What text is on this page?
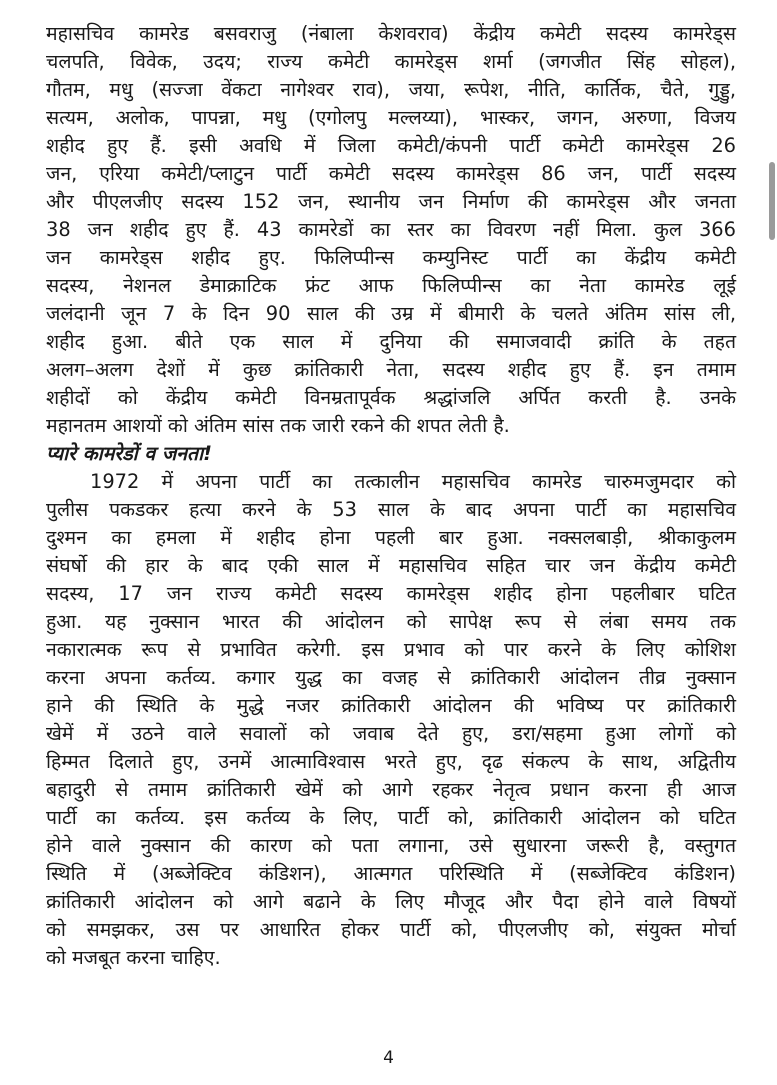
महासचिव कामरेड बसवराजु (नंबाला केशवराव) केंद्रीय कमेटी सदस्य कामरेड्स
चलपति, विवेक, उदय; राज्य कमेटी कामरेड्स शर्मा (जगजीत सिंह सोहल),
गौतम, मधु (सज्जा वेंकटा नागेश्वर राव), जया, रूपेश, नीति, कार्तिक, चैते, गुड्डु,
सत्यम, अलोक, पापन्ना, मधु (एगोलपु मल्लय्या), भास्कर, जगन, अरुणा, विजय
शहीद हुए हैं. इसी अवधि में जिला कमेटी/कंपनी पार्टी कमेटी कामरेड्स 26
जन, एरिया कमेटी/प्लाटुन पार्टी कमेटी सदस्य कामरेड्स 86 जन, पार्टी सदस्य
और पीएलजीए सदस्य 152 जन, स्थानीय जन निर्माण की कामरेड्स और जनता
38 जन शहीद हुए हैं. 43 कामरेडों का स्तर का विवरण नहीं मिला. कुल 366
जन कामरेड्स शहीद हुए. फिलिप्पीन्स कम्युनिस्ट पार्टी का केंद्रीय कमेटी
सदस्य, नेशनल डेमाक्राटिक फ्रंट आफ फिलिप्पीन्स का नेता कामरेड लूई
जलंदानी जून 7 के दिन 90 साल की उम्र में बीमारी के चलते अंतिम सांस ली,
शहीद हुआ. बीते एक साल में दुनिया की समाजवादी क्रांति के तहत
अलग–अलग देशों में कुछ क्रांतिकारी नेता, सदस्य शहीद हुए हैं. इन तमाम
शहीदों को केंद्रीय कमेटी विनम्रतापूर्वक श्रद्धांजलि अर्पित करती है. उनके
महानतम आशयों को अंतिम सांस तक जारी रकने की शपत लेती है.
प्यारे कामरेडों व जनता!
1972 में अपना पार्टी का तत्कालीन महासचिव कामरेड चारुमजुमदार को
पुलीस पकडकर हत्या करने के 53 साल के बाद अपना पार्टी का महासचिव
दुश्मन का हमला में शहीद होना पहली बार हुआ. नक्सलबाड़ी, श्रीकाकुलम
संघर्षो की हार के बाद एकी साल में महासचिव सहित चार जन केंद्रीय कमेटी
सदस्य, 17 जन राज्य कमेटी सदस्य कामरेड्स शहीद होना पहलीबार घटित
हुआ. यह नुक्सान भारत की आंदोलन को सापेक्ष रूप से लंबा समय तक
नकारात्मक रूप से प्रभावित करेगी. इस प्रभाव को पार करने के लिए कोशिश
करना अपना कर्तव्य. कगार युद्ध का वजह से क्रांतिकारी आंदोलन तीव्र नुक्सान
हाने की स्थिति के मुद्धे नजर क्रांतिकारी आंदोलन की भविष्य पर क्रांतिकारी
खेमें में उठने वाले सवालों को जवाब देते हुए, डरा/सहमा हुआ लोगों को
हिम्मत दिलाते हुए, उनमें आत्माविश्वास भरते हुए, दृढ संकल्प के साथ, अद्वितीय
बहादुरी से तमाम क्रांतिकारी खेमें को आगे रहकर नेतृत्व प्रधान करना ही आज
पार्टी का कर्तव्य. इस कर्तव्य के लिए, पार्टी को, क्रांतिकारी आंदोलन को घटित
होने वाले नुक्सान की कारण को पता लगाना, उसे सुधारना जरूरी है, वस्तुगत
स्थिति में (अब्जेक्टिव कंडिशन), आत्मगत परिस्थिति में (सब्जेक्टिव कंडिशन)
क्रांतिकारी आंदोलन को आगे बढाने के लिए मौजूद और पैदा होने वाले विषयों
को समझकर, उस पर आधारित होकर पार्टी को, पीएलजीए को, संयुक्त मोर्चा
को मजबूत करना चाहिए.
4
